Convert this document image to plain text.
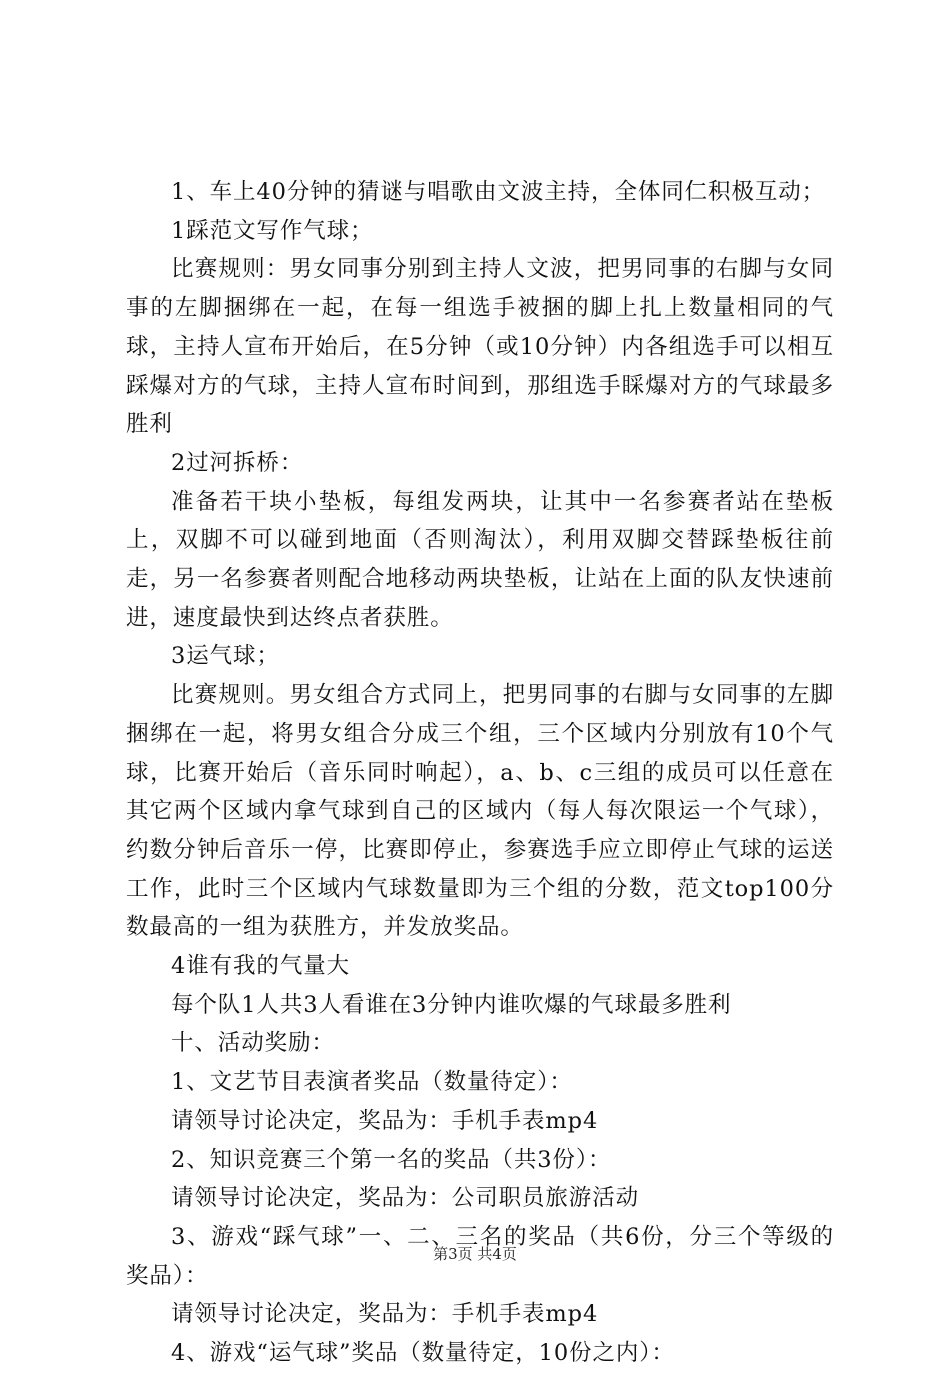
1、车上40分钟的猜谜与唱歌由文波主持，全体同仁积极互动；

1踩范文写作气球；

比赛规则：男女同事分别到主持人文波，把男同事的右脚与女同事的左脚捆绑在一起，在每一组选手被捆的脚上扎上数量相同的气球，主持人宣布开始后，在5分钟（或10分钟）内各组选手可以相互踩爆对方的气球，主持人宣布时间到，那组选手睬爆对方的气球最多胜利

2过河拆桥：

准备若干块小垫板，每组发两块，让其中一名参赛者站在垫板上，双脚不可以碰到地面（否则淘汰），利用双脚交替踩垫板往前走，另一名参赛者则配合地移动两块垫板，让站在上面的队友快速前进，速度最快到达终点者获胜。

3运气球；

比赛规则。男女组合方式同上，把男同事的右脚与女同事的左脚捆绑在一起，将男女组合分成三个组，三个区域内分别放有10个气球，比赛开始后（音乐同时响起），a、b、c三组的成员可以任意在其它两个区域内拿气球到自己的区域内（每人每次限运一个气球），约数分钟后音乐一停，比赛即停止，参赛选手应立即停止气球的运送工作，此时三个区域内气球数量即为三个组的分数，范文top100分数最高的一组为获胜方，并发放奖品。

4谁有我的气量大

每个队1人共3人看谁在3分钟内谁吹爆的气球最多胜利

十、活动奖励：

1、文艺节目表演者奖品（数量待定）：

请领导讨论决定，奖品为：手机手表mp4

2、知识竞赛三个第一名的奖品（共3份）：

请领导讨论决定，奖品为：公司职员旅游活动

3、游戏“踩气球”一、二、三名的奖品（共6份，分三个等级的奖品）：

请领导讨论决定，奖品为：手机手表mp4

4、游戏“运气球”奖品（数量待定，10份之内）：

第3页 共4页
